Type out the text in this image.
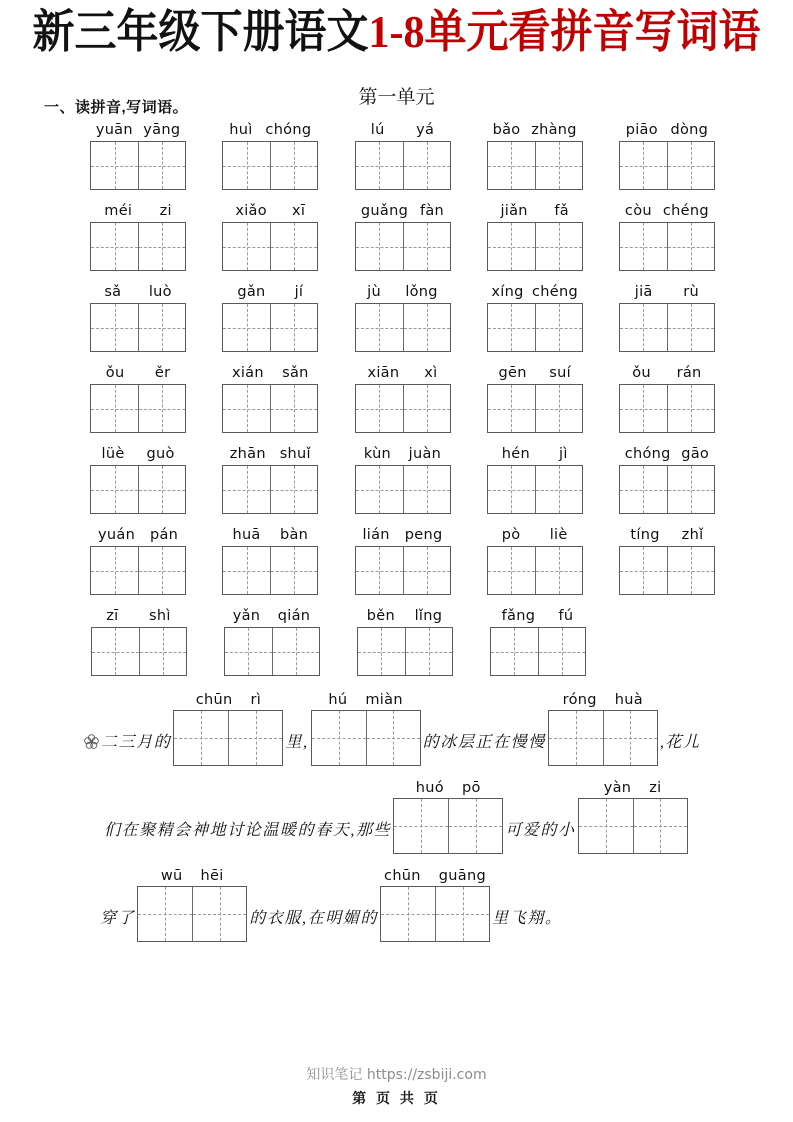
新三年级下册语文1-8单元看拼音写词语
第一单元
一、读拼音,写词语。
yuān yāng	huì chóng	lú yá	bǎo zhàng	piāo dòng
méi zi	xiǎo xī	guǎng fàn	jiǎn fǎ	còu chéng
sǎ luò	gǎn jí	jù lǒng	xíng chéng	jiā rù
ǒu ěr	xián sǎn	xiān xì	gēn suí	ǒu rán
lüè guò	zhān shuǐ	kùn juàn	hén jì	chóng gāo
yuán pán	huā bàn	lián peng	pò liè	tíng zhǐ
zī shì	yǎn qián	běn lǐng	fǎng fú
二三月的
chūn rì
里,
hú miàn
的冰层正在慢慢
róng huà
,花儿
们在聚精会神地讨论温暖的春天,那些
huó pō
可爱的小
yàn zi
穿了
wū hēi
的衣服,在明媚的
chūn guāng
里飞翔。
知识笔记 https://zsbiji.com
第 页 共 页
